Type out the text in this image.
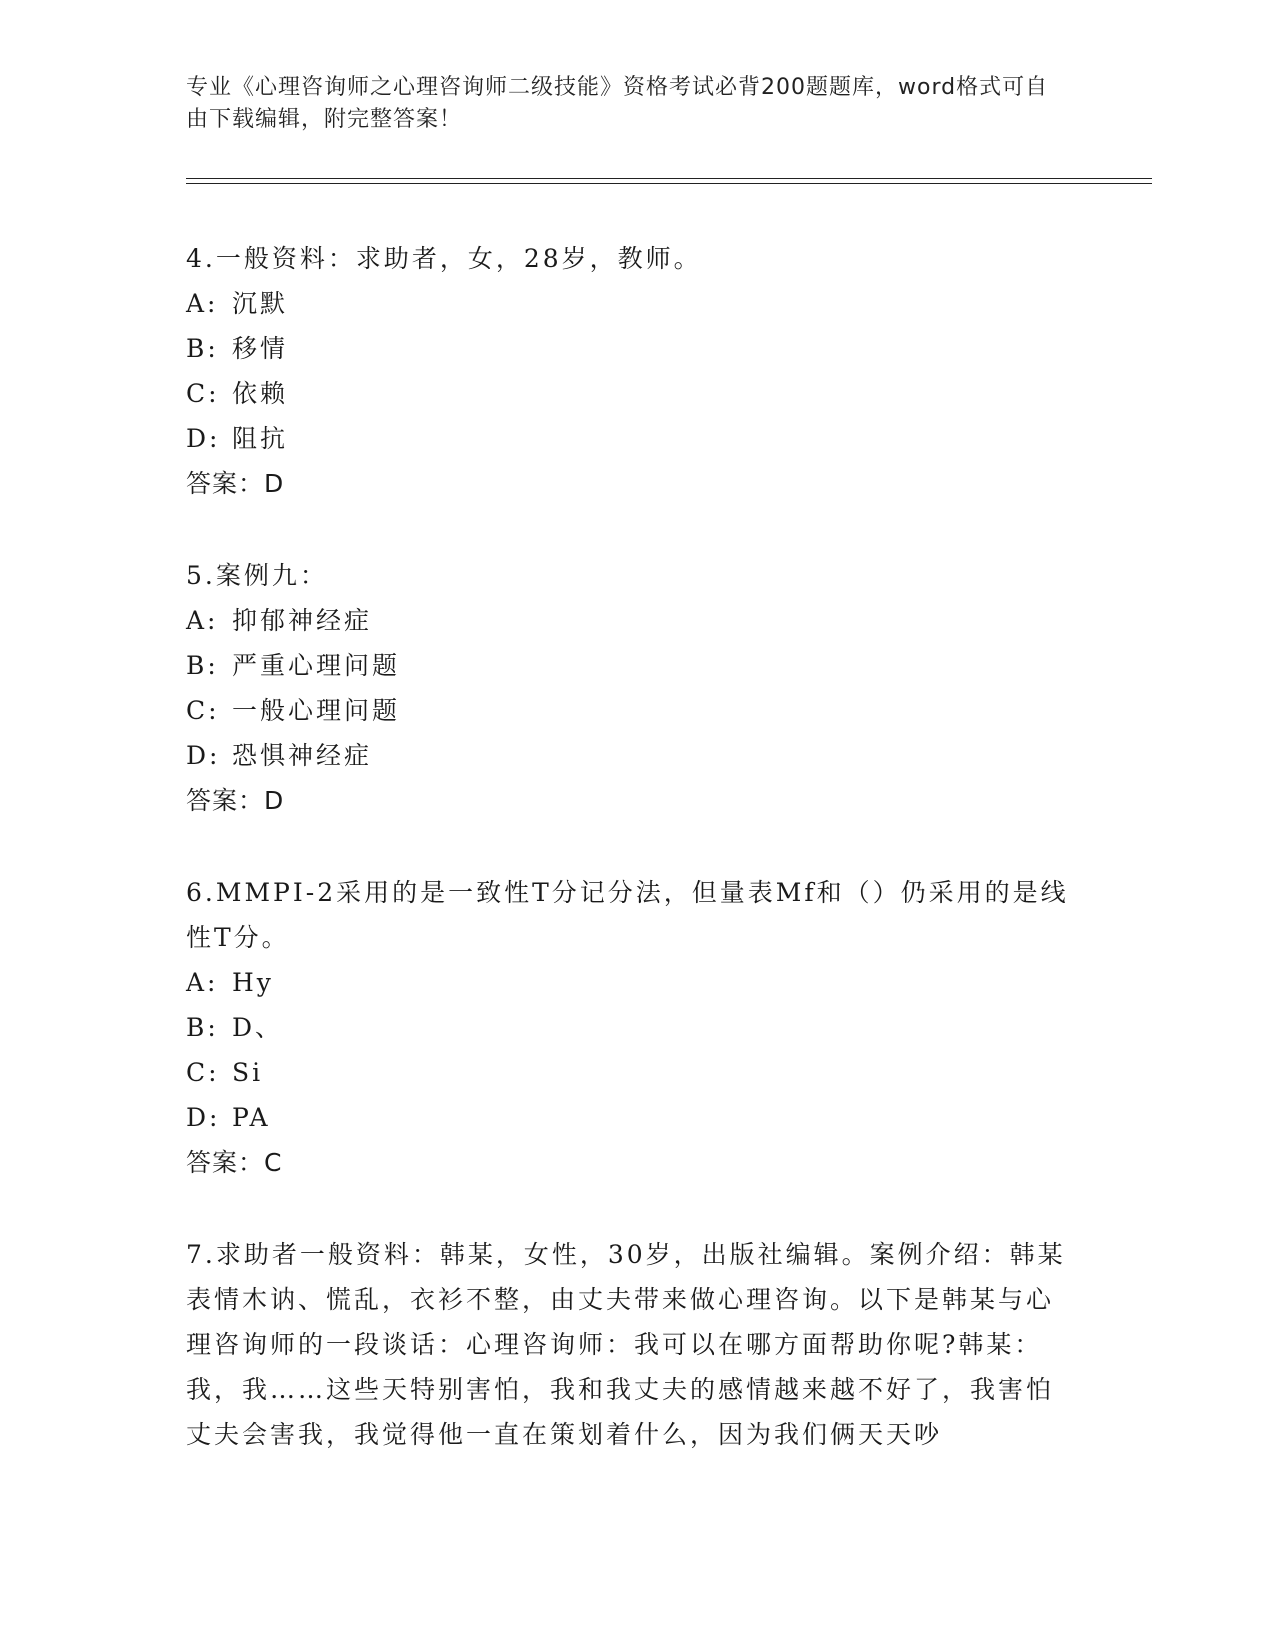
专业《心理咨询师之心理咨询师二级技能》资格考试必背200题题库，word格式可自由下载编辑，附完整答案！
4.一般资料：求助者，女，28岁，教师。
A: 沉默
B: 移情
C: 依赖
D: 阻抗
答案：D
5.案例九：
A: 抑郁神经症
B: 严重心理问题
C: 一般心理问题
D: 恐惧神经症
答案：D
6.MMPI-2采用的是一致性T分记分法，但量表Mf和（）仍采用的是线性T分。
A: Hy
B: D、
C: Si
D: PA
答案：C
7.求助者一般资料：韩某，女性，30岁，出版社编辑。案例介绍：韩某表情木讷、慌乱，衣衫不整，由丈夫带来做心理咨询。以下是韩某与心理咨询师的一段谈话：心理咨询师：我可以在哪方面帮助你呢?韩某：我，我……这些天特别害怕，我和我丈夫的感情越来越不好了，我害怕丈夫会害我，我觉得他一直在策划着什么，因为我们俩天天吵
